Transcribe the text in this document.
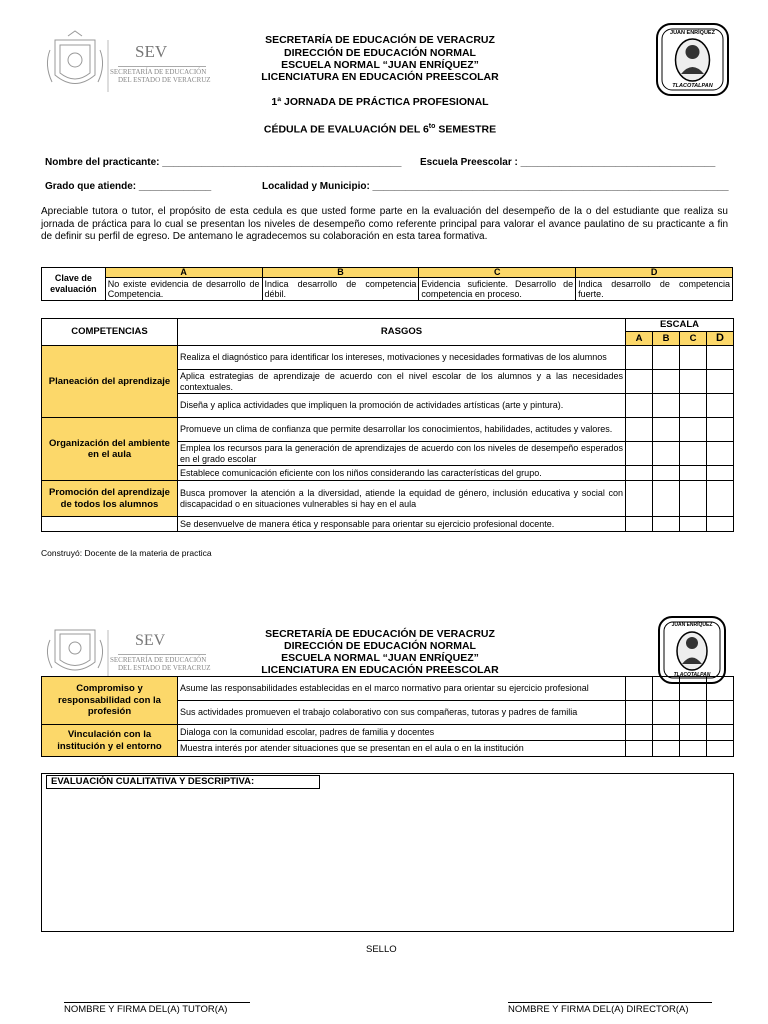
SEV
SECRETARÍA DE EDUCACIÓN
DEL ESTADO DE VERACRUZ
SECRETARÍA DE EDUCACIÓN DE VERACRUZ
DIRECCIÓN DE EDUCACIÓN NORMAL
ESCUELA NORMAL “JUAN ENRÍQUEZ”
LICENCIATURA EN EDUCACIÓN PREESCOLAR
1ª JORNADA DE PRÁCTICA PROFESIONAL
CÉDULA DE EVALUACIÓN DEL $6^{to}$ SEMESTRE
JUAN ENRÍQUEZ
TLACOTALPAN
Nombre del practicante: ___________________________________________ Escuela Preescolar : ___________________________________
Grado que atiende: _____________	Localidad y Municipio: ________________________________________________________________
Apreciable tutora o tutor, el propósito de esta cedula es que usted forme parte en la evaluación del desempeño de la o del estudiante que realiza su jornada de práctica para lo cual se presentan los niveles de desempeño como referente principal para valorar el avance paulatino de su practicante a fin de definir su perfil de egreso. De antemano le agradecemos su colaboración en esta tarea formativa.
Clave de evaluación	A	B	C	D
	No existe evidencia de desarrollo de Competencia.	Indica desarrollo de competencia débil.	Evidencia suficiente. Desarrollo de competencia en proceso.	Indica desarrollo de competencia fuerte.
COMPETENCIAS	RASGOS	ESCALA			
		A	B	C	D
Planeación del aprendizaje	Realiza el diagnóstico para identificar los intereses, motivaciones y necesidades formativas de los alumnos				
	Aplica estrategias de aprendizaje de acuerdo con el nivel escolar de los alumnos y a las necesidades contextuales.				
	Diseña y aplica actividades que impliquen la promoción de actividades artísticas (arte y pintura).				
Organización del ambiente en el aula	Promueve un clima de confianza que permite desarrollar los conocimientos, habilidades, actitudes y valores.				
	Emplea los recursos para la generación de aprendizajes de acuerdo con los niveles de desempeño esperados en el grado escolar				
	Establece comunicación eficiente con los niños considerando las características del grupo.				
Promoción del aprendizaje de todos los alumnos	Busca promover la atención a la diversidad, atiende la equidad de género, inclusión educativa y social con discapacidad o en situaciones vulnerables si hay en el aula				
	Se desenvuelve de manera ética y responsable para orientar su ejercicio profesional docente.				
Construyó: Docente de la materia de practica
SEV
SECRETARÍA DE EDUCACIÓN
DEL ESTADO DE VERACRUZ
SECRETARÍA DE EDUCACIÓN DE VERACRUZ
DIRECCIÓN DE EDUCACIÓN NORMAL
ESCUELA NORMAL “JUAN ENRÍQUEZ”
LICENCIATURA EN EDUCACIÓN PREESCOLAR
JUAN ENRÍQUEZ
TLACOTALPAN
Compromiso y responsabilidad con la profesión	Asume las responsabilidades establecidas en el marco normativo para orientar su ejercicio profesional				
	Sus actividades promueven el trabajo colaborativo con sus compañeras, tutoras y padres de familia				
Vinculación con la institución y el entorno	Dialoga con la comunidad escolar, padres de familia y docentes				
	Muestra interés por atender situaciones que se presentan en el aula o en la institución				
EVALUACIÓN CUALITATIVA Y DESCRIPTIVA:
SELLO
NOMBRE Y FIRMA DEL(A) TUTOR(A)	NOMBRE Y FIRMA DEL(A) DIRECTOR(A)
